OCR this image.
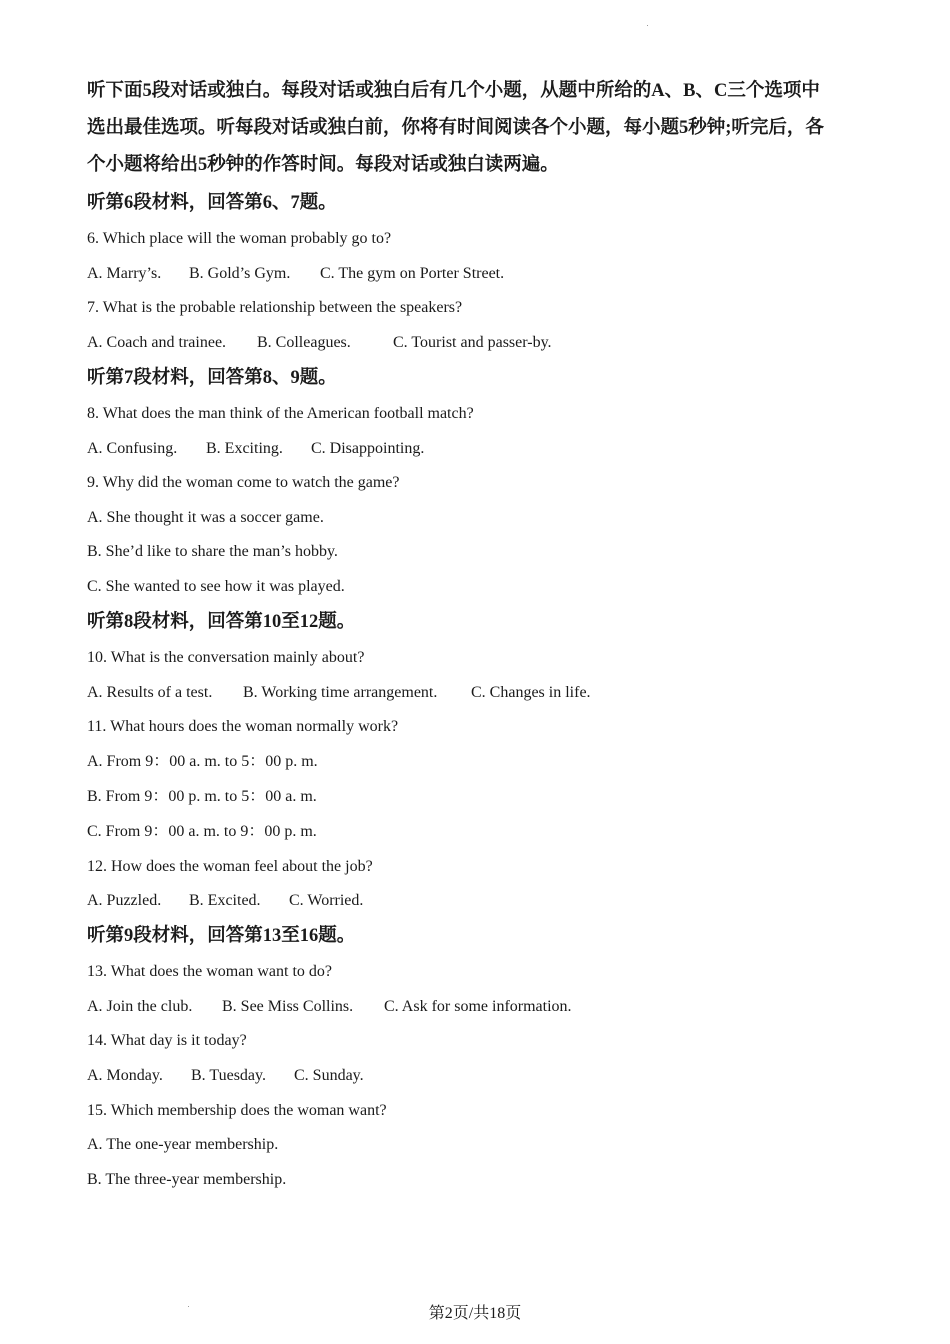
听下面5段对话或独白。每段对话或独白后有几个小题，从题中所给的A、B、C三个选项中
选出最佳选项。听每段对话或独白前，你将有时间阅读各个小题，每小题5秒钟;听完后，各
个小题将给出5秒钟的作答时间。每段对话或独白读两遍。
听第6段材料，回答第6、7题。
6. Which place will the woman probably go to?
A. Marry’s. B. Gold’s Gym. C. The gym on Porter Street.
7. What is the probable relationship between the speakers?
A. Coach and trainee. B. Colleagues.	C. Tourist and passer-by.
听第7段材料，回答第8、9题。
8. What does the man think of the American football match?
A. Confusing. B. Exciting. C. Disappointing.
9. Why did the woman come to watch the game?
A. She thought it was a soccer game.
B. She’d like to share the man’s hobby.
C. She wanted to see how it was played.
听第8段材料，回答第10至12题。
10. What is the conversation mainly about?
A. Results of a test. B. Working time arrangement. C. Changes in life.
11. What hours does the woman normally work?
A. From 9：00 a. m. to 5：00 p. m.
B. From 9：00 p. m. to 5：00 a. m.
C. From 9：00 a. m. to 9：00 p. m.
12. How does the woman feel about the job?
A. Puzzled. B. Excited. C. Worried.
听第9段材料，回答第13至16题。
13. What does the woman want to do?
A. Join the club. B. See Miss Collins. C. Ask for some information.
14. What day is it today?
A. Monday. B. Tuesday. C. Sunday.
15. Which membership does the woman want?
A. The one-year membership.
B. The three-year membership.
第2页/共18页
